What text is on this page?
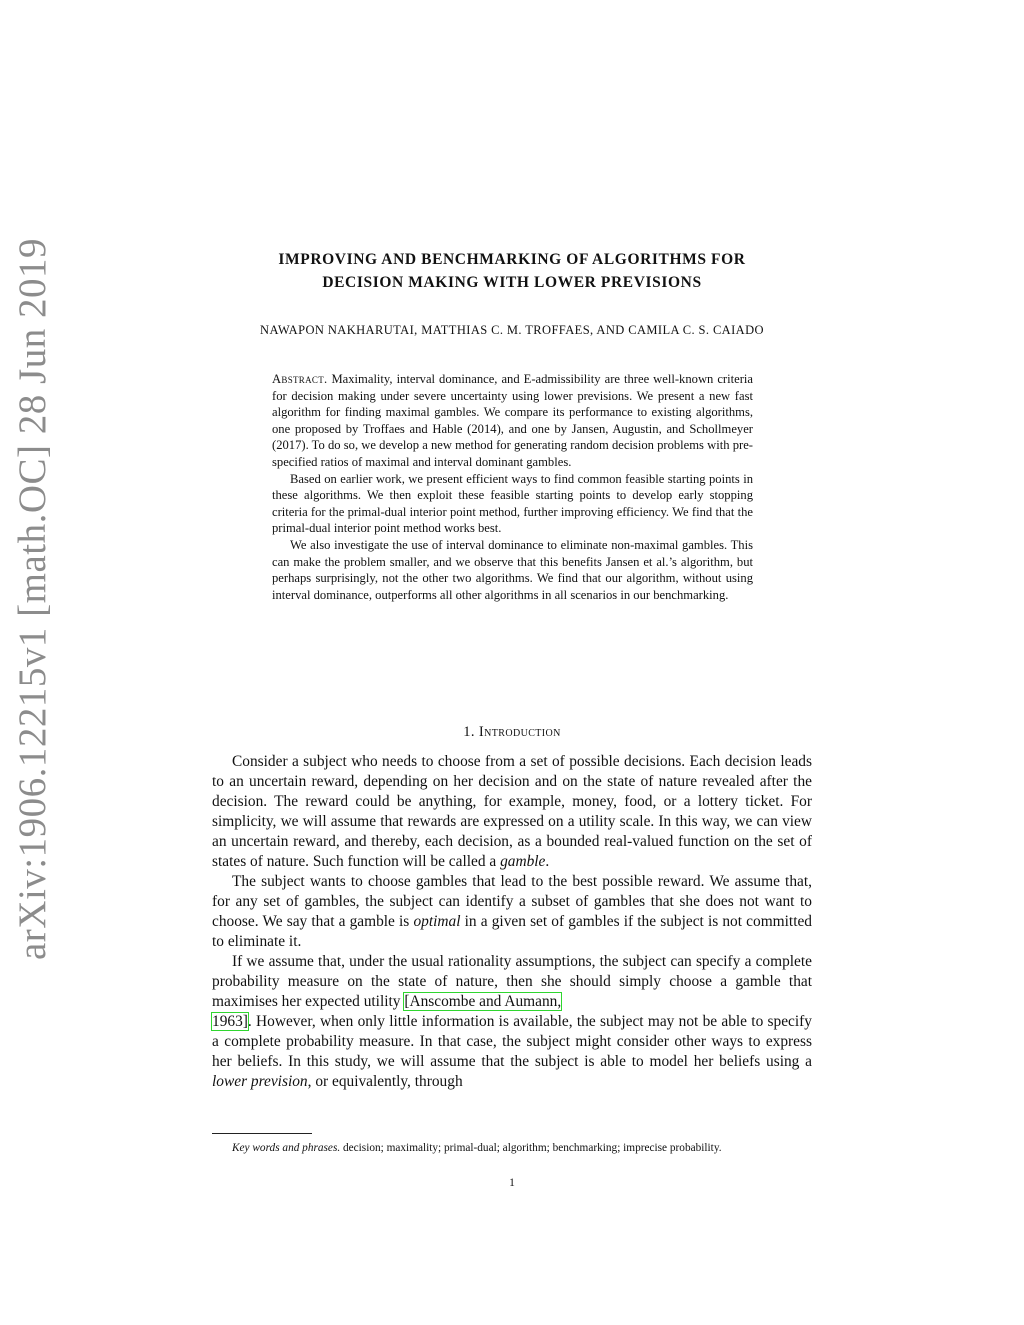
arXiv:1906.12215v1 [math.OC] 28 Jun 2019	IMPROVING AND BENCHMARKING OF ALGORITHMS FOR
DECISION MAKING WITH LOWER PREVISIONS
NAWAPON NAKHARUTAI, MATTHIAS C. M. TROFFAES, AND CAMILA C. S. CAIADO

Abstract. Maximality, interval dominance, and E-admissibility are three well-known criteria for decision making under severe uncertainty using lower previsions. We present a new fast algorithm for finding maximal gambles. We compare its performance to existing algorithms, one proposed by Troffaes and Hable (2014), and one by Jansen, Augustin, and Schollmeyer (2017). To do so, we develop a new method for generating random decision problems with pre-specified ratios of maximal and interval dominant gambles.

Based on earlier work, we present efficient ways to find common feasible starting points in these algorithms. We then exploit these feasible starting points to develop early stopping criteria for the primal-dual interior point method, further improving efficiency. We find that the primal-dual interior point method works best.

We also investigate the use of interval dominance to eliminate non-maximal gambles. This can make the problem smaller, and we observe that this benefits Jansen et al.’s algorithm, but perhaps surprisingly, not the other two algorithms. We find that our algorithm, without using interval dominance, outperforms all other algorithms in all scenarios in our benchmarking.

1. Introduction

Consider a subject who needs to choose from a set of possible decisions. Each decision leads to an uncertain reward, depending on her decision and on the state of nature revealed after the decision. The reward could be anything, for example, money, food, or a lottery ticket. For simplicity, we will assume that rewards are expressed on a utility scale. In this way, we can view an uncertain reward, and thereby, each decision, as a bounded real-valued function on the set of states of nature. Such function will be called a gamble.

The subject wants to choose gambles that lead to the best possible reward. We assume that, for any set of gambles, the subject can identify a subset of gambles that she does not want to choose. We say that a gamble is optimal in a given set of gambles if the subject is not committed to eliminate it.

If we assume that, under the usual rationality assumptions, the subject can specify a complete probability measure on the state of nature, then she should simply choose a gamble that maximises her expected utility [Anscombe and Aumann,
1963]. However, when only little information is available, the subject may not be able to specify a complete probability measure. In that case, the subject might consider other ways to express her beliefs. In this study, we will assume that the subject is able to model her beliefs using a lower prevision, or equivalently, through

Key words and phrases. decision; maximality; primal-dual; algorithm; benchmarking; imprecise probability.
1
